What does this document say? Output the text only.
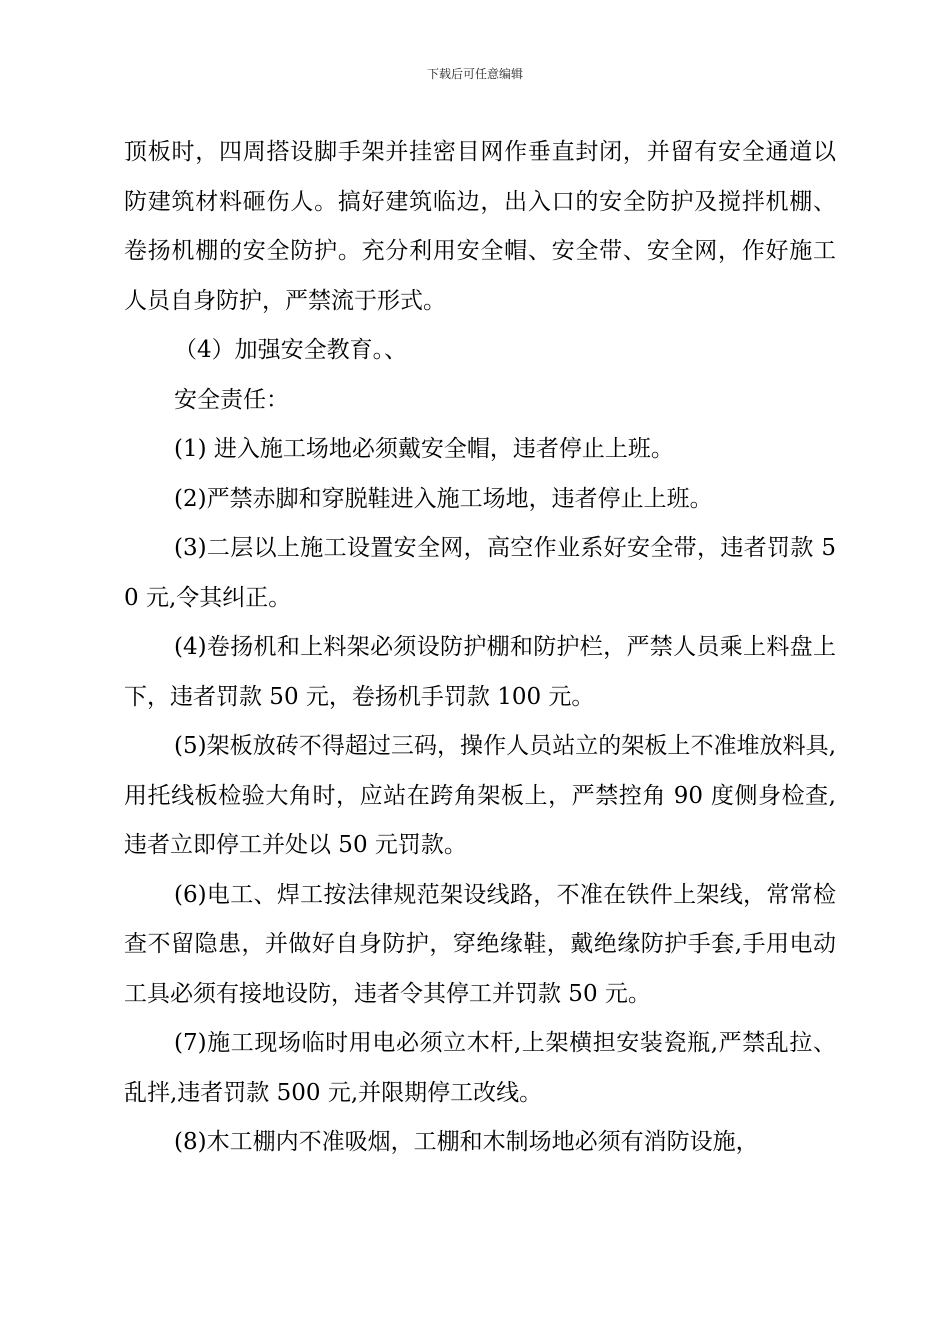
下载后可任意编辑

顶板时，四周搭设脚手架并挂密目网作垂直封闭，并留有安全通道以防建筑材料砸伤人。搞好建筑临边，出入口的安全防护及搅拌机棚、卷扬机棚的安全防护。充分利用安全帽、安全带、安全网，作好施工人员自身防护，严禁流于形式。

（4）加强安全教育。、

安全责任：

(1) 进入施工场地必须戴安全帽，违者停止上班。

(2)严禁赤脚和穿脱鞋进入施工场地，违者停止上班。

(3)二层以上施工设置安全网，高空作业系好安全带，违者罚款 50 元,令其纠正。

(4)卷扬机和上料架必须设防护棚和防护栏，严禁人员乘上料盘上下，违者罚款 50 元，卷扬机手罚款 100 元。

(5)架板放砖不得超过三码，操作人员站立的架板上不准堆放料具,用托线板检验大角时，应站在跨角架板上，严禁控角 90 度侧身检查,违者立即停工并处以 50 元罚款。

(6)电工、焊工按法律规范架设线路，不准在铁件上架线，常常检查不留隐患，并做好自身防护，穿绝缘鞋，戴绝缘防护手套,手用电动工具必须有接地设防，违者令其停工并罚款 50 元。

(7)施工现场临时用电必须立木杆,上架横担安装瓷瓶,严禁乱拉、乱拌,违者罚款 500 元,并限期停工改线。

(8)木工棚内不准吸烟，工棚和木制场地必须有消防设施，
